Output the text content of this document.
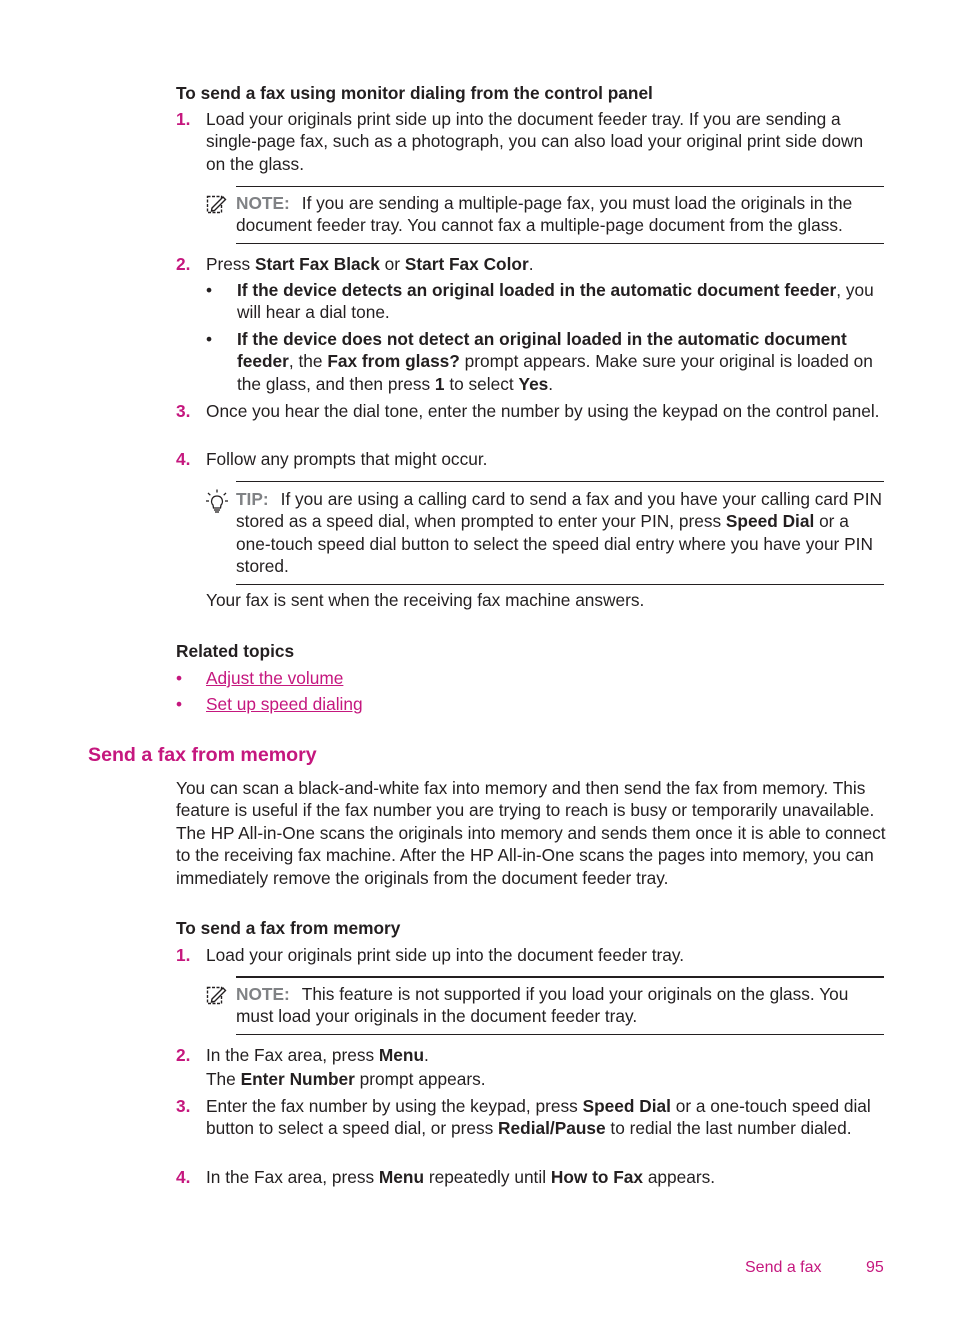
To send a fax using monitor dialing from the control panel
1. Load your originals print side up into the document feeder tray. If you are sending a single-page fax, such as a photograph, you can also load your original print side down on the glass.
NOTE: If you are sending a multiple-page fax, you must load the originals in the document feeder tray. You cannot fax a multiple-page document from the glass.
2. Press Start Fax Black or Start Fax Color.
• If the device detects an original loaded in the automatic document feeder, you will hear a dial tone.
• If the device does not detect an original loaded in the automatic document feeder, the Fax from glass? prompt appears. Make sure your original is loaded on the glass, and then press 1 to select Yes.
3. Once you hear the dial tone, enter the number by using the keypad on the control panel.
4. Follow any prompts that might occur.
TIP: If you are using a calling card to send a fax and you have your calling card PIN stored as a speed dial, when prompted to enter your PIN, press Speed Dial or a one-touch speed dial button to select the speed dial entry where you have your PIN stored.
Your fax is sent when the receiving fax machine answers.
Related topics
• Adjust the volume
• Set up speed dialing
Send a fax from memory
You can scan a black-and-white fax into memory and then send the fax from memory. This feature is useful if the fax number you are trying to reach is busy or temporarily unavailable. The HP All-in-One scans the originals into memory and sends them once it is able to connect to the receiving fax machine. After the HP All-in-One scans the pages into memory, you can immediately remove the originals from the document feeder tray.
To send a fax from memory
1. Load your originals print side up into the document feeder tray.
NOTE: This feature is not supported if you load your originals on the glass. You must load your originals in the document feeder tray.
2. In the Fax area, press Menu.
The Enter Number prompt appears.
3. Enter the fax number by using the keypad, press Speed Dial or a one-touch speed dial button to select a speed dial, or press Redial/Pause to redial the last number dialed.
4. In the Fax area, press Menu repeatedly until How to Fax appears.
Send a fax	95
